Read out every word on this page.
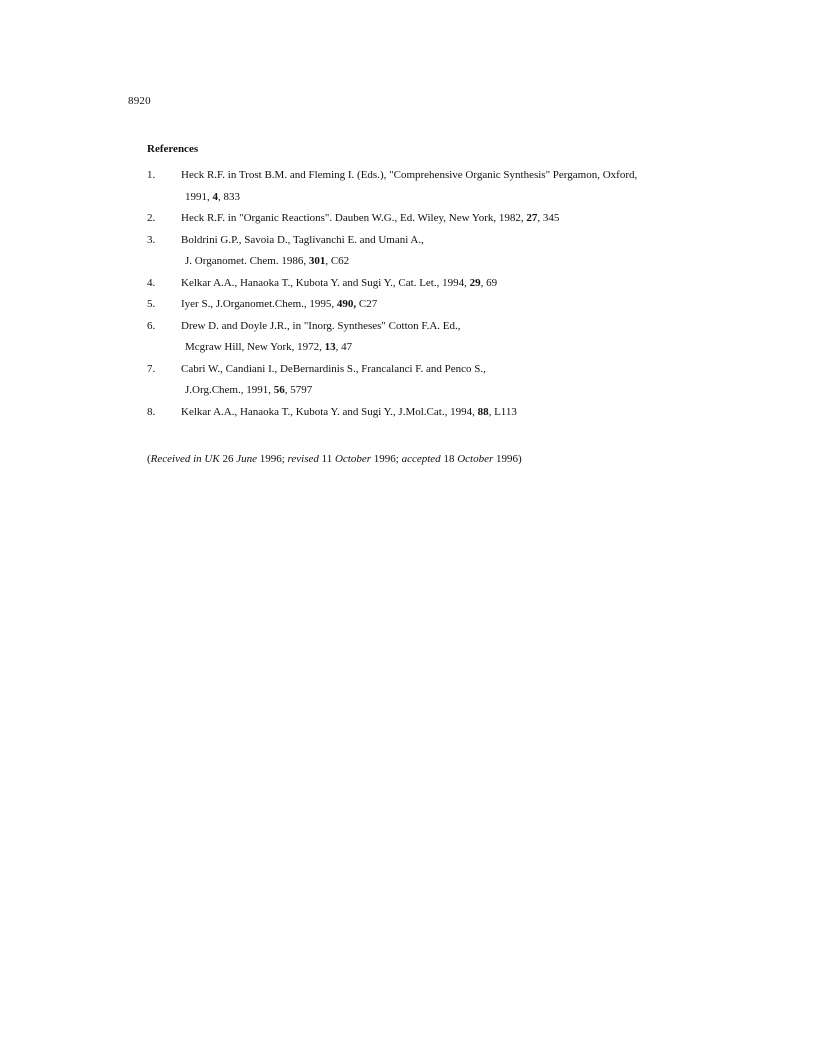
8920
References
1. Heck R.F. in Trost B.M. and Fleming I. (Eds.), "Comprehensive Organic Synthesis" Pergamon, Oxford,
1991, 4, 833
2. Heck R.F. in "Organic Reactions". Dauben W.G., Ed. Wiley, New York, 1982, 27, 345
3. Boldrini G.P., Savoia D., Taglivanchi E. and Umani A.,
J. Organomet. Chem. 1986, 301, C62
4. Kelkar A.A., Hanaoka T., Kubota Y. and Sugi Y., Cat. Let., 1994, 29, 69
5. Iyer S., J.Organomet.Chem., 1995, 490, C27
6. Drew D. and Doyle J.R., in "Inorg. Syntheses" Cotton F.A. Ed.,
Mcgraw Hill, New York, 1972, 13, 47
7. Cabri W., Candiani I., DeBernardinis S., Francalanci F. and Penco S.,
J.Org.Chem., 1991, 56, 5797
8. Kelkar A.A., Hanaoka T., Kubota Y. and Sugi Y., J.Mol.Cat., 1994, 88, L113
(Received in UK 26 June 1996; revised 11 October 1996; accepted 18 October 1996)
